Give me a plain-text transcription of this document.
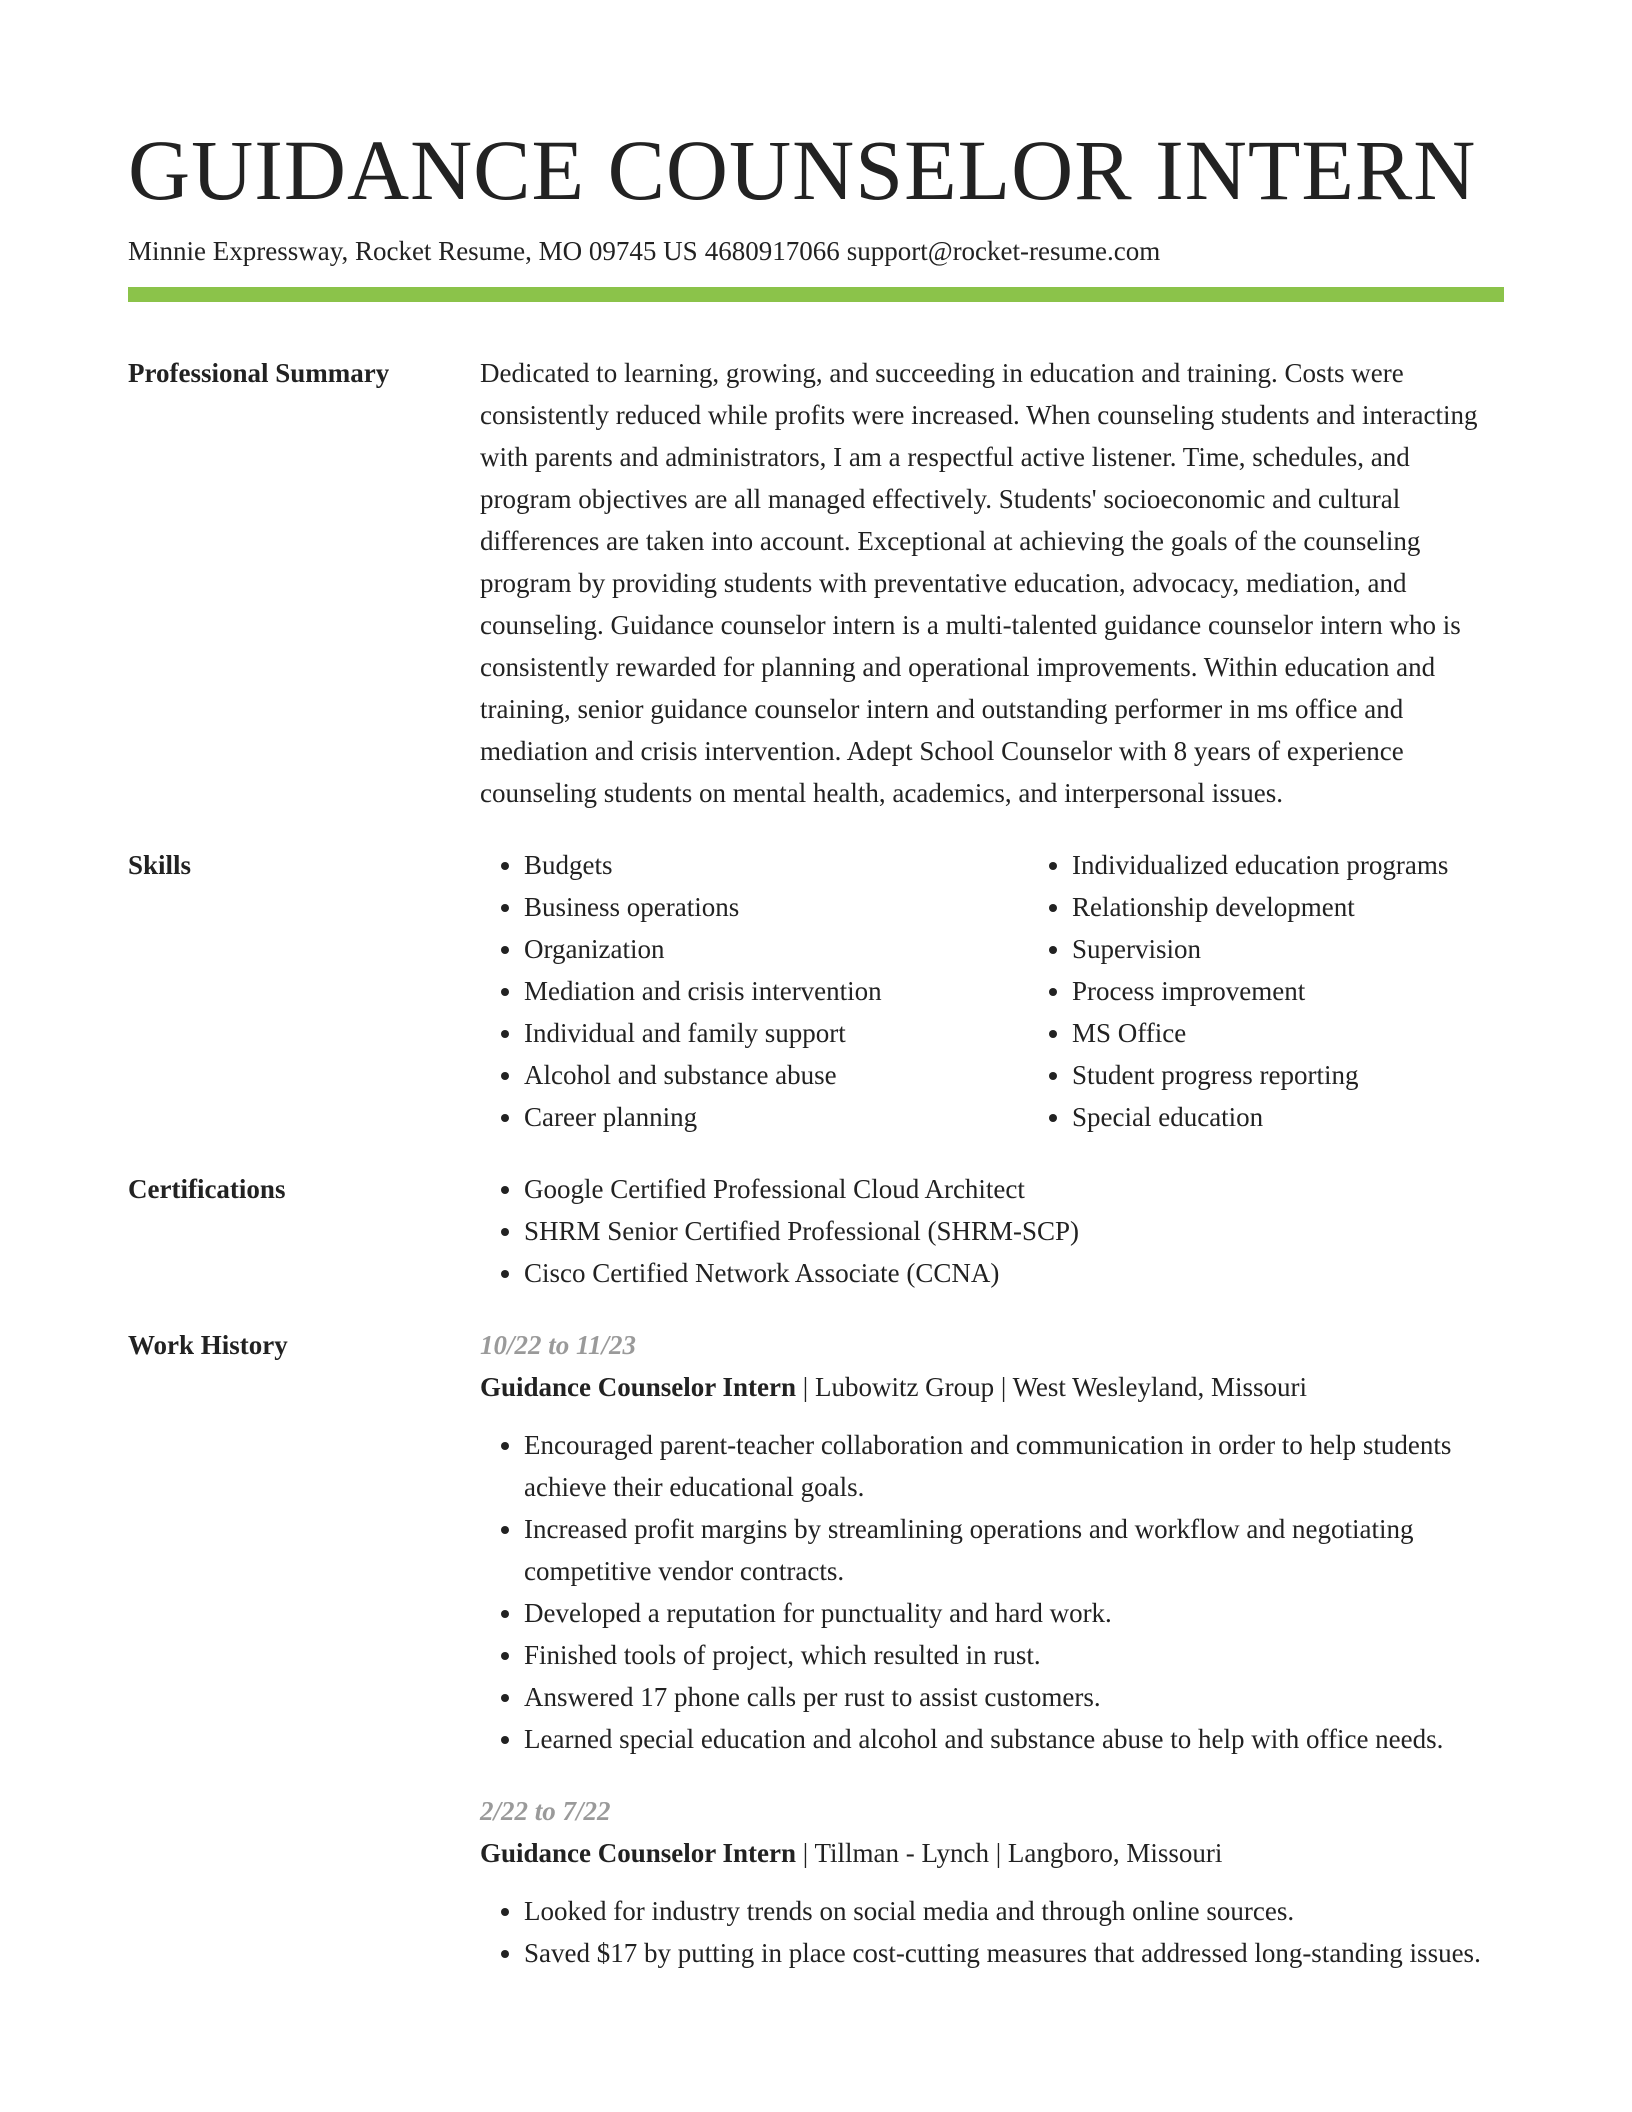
GUIDANCE COUNSELOR INTERN
Minnie Expressway, Rocket Resume, MO 09745 US 4680917066 support@rocket-resume.com
Professional Summary	Dedicated to learning, growing, and succeeding in education and training. Costs were consistently reduced while profits were increased. When counseling students and interacting with parents and administrators, I am a respectful active listener. Time, schedules, and program objectives are all managed effectively. Students' socioeconomic and cultural differences are taken into account. Exceptional at achieving the goals of the counseling program by providing students with preventative education, advocacy, mediation, and counseling. Guidance counselor intern is a multi-talented guidance counselor intern who is consistently rewarded for planning and operational improvements. Within education and training, senior guidance counselor intern and outstanding performer in ms office and mediation and crisis intervention. Adept School Counselor with 8 years of experience counseling students on mental health, academics, and interpersonal issues.

Skills	• Budgets
• Business operations
• Organization
• Mediation and crisis intervention
• Individual and family support
• Alcohol and substance abuse
• Career planning
• Individualized education programs
• Relationship development
• Supervision
• Process improvement
• MS Office
• Student progress reporting
• Special education
Certifications	• Google Certified Professional Cloud Architect
• SHRM Senior Certified Professional (SHRM-SCP)
• Cisco Certified Network Associate (CCNA)
Work History	10/22 to 11/23
Guidance Counselor Intern | Lubowitz Group | West Wesleyland, Missouri
• Encouraged parent-teacher collaboration and communication in order to help students achieve their educational goals.
• Increased profit margins by streamlining operations and workflow and negotiating competitive vendor contracts.
• Developed a reputation for punctuality and hard work.
• Finished tools of project, which resulted in rust.
• Answered 17 phone calls per rust to assist customers.
• Learned special education and alcohol and substance abuse to help with office needs.
2/22 to 7/22
Guidance Counselor Intern | Tillman - Lynch | Langboro, Missouri
• Looked for industry trends on social media and through online sources.
• Saved $17 by putting in place cost-cutting measures that addressed long-standing issues.
